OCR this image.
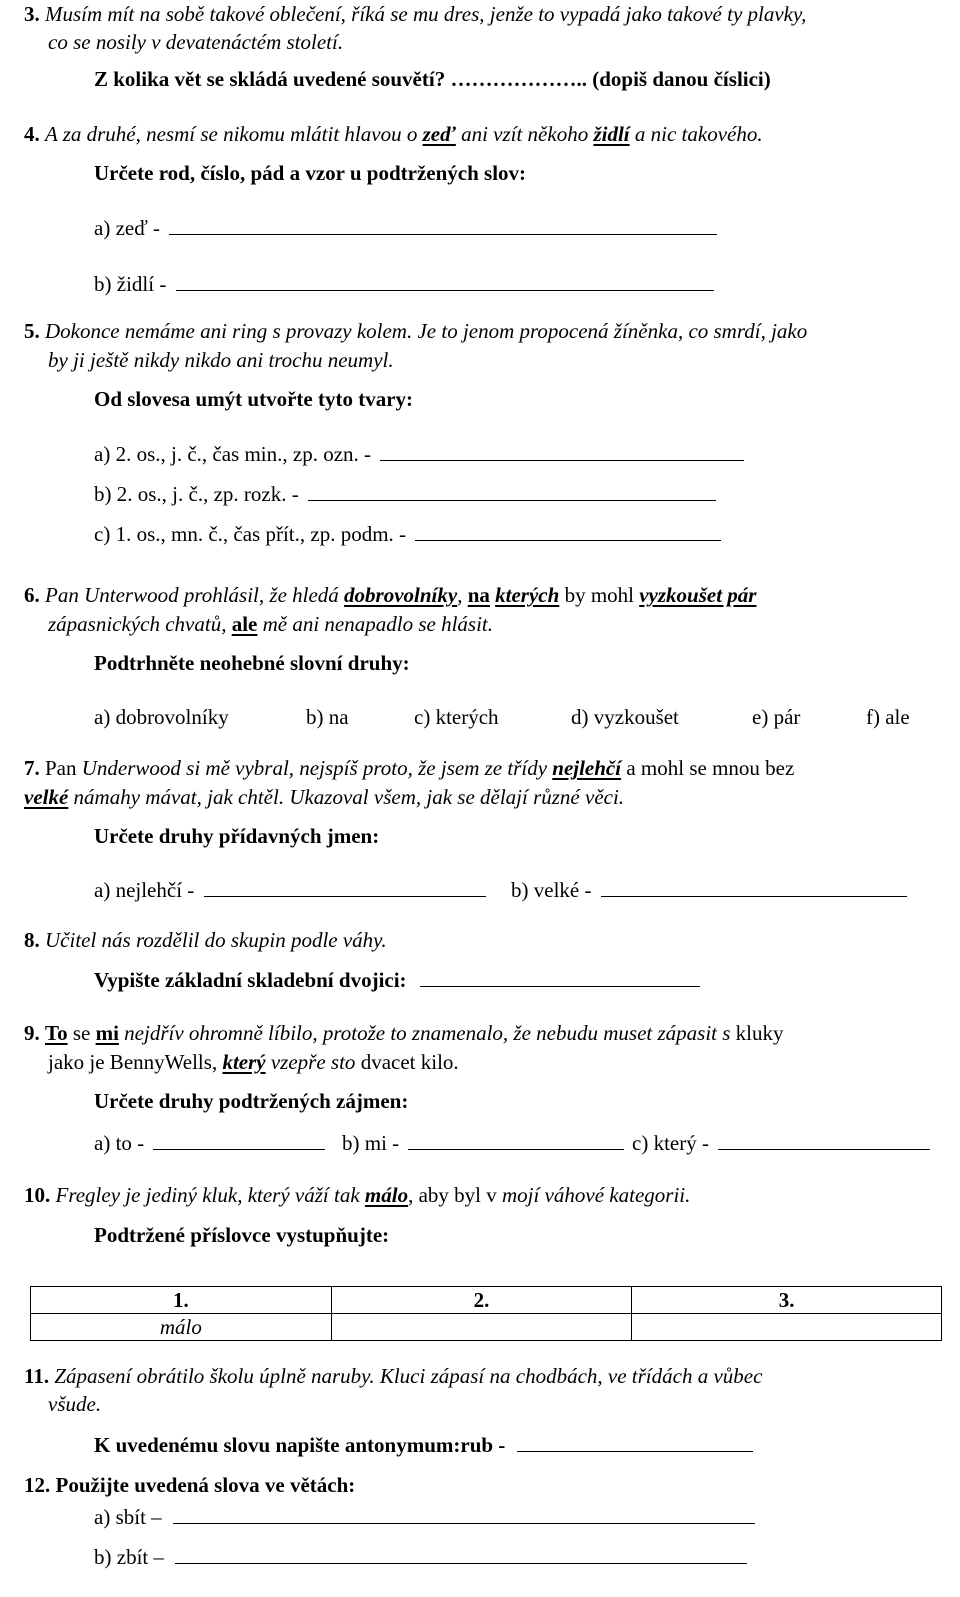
3. Musím mít na sobě takové oblečení, říká se mu dres, jenže to vypadá jako takové ty plavky,
co se nosily v devatenáctém století.
Z kolika vět se skládá uvedené souvětí? ……………….. (dopiš danou číslici)
4. A za druhé, nesmí se nikomu mlátit hlavou o zeď ani vzít někoho židlí a nic takového.
Určete rod, číslo, pád a vzor u podtržených slov:
a) zeď -
b) židlí -
5. Dokonce nemáme ani ring s provazy kolem. Je to jenom propocená žíněnka, co smrdí, jako
by ji ještě nikdy nikdo ani trochu neumyl.
Od slovesa umýt utvořte tyto tvary:
a) 2. os., j. č., čas min., zp. ozn. -
b) 2. os., j. č., zp. rozk. -
c) 1. os., mn. č., čas přít., zp. podm. -
6. Pan Unterwood prohlásil, že hledá dobrovolníky, na kterých by mohl vyzkoušet pár
zápasnických chvatů, ale mě ani nenapadlo se hlásit.
Podtrhněte neohebné slovní druhy:
a) dobrovolníky	b) na	c) kterých	d) vyzkoušet	e) pár	f) ale
7. Pan Underwood si mě vybral, nejspíš proto, že jsem ze třídy nejlehčí a mohl se mnou bez
velké námahy mávat, jak chtěl. Ukazoval všem, jak se dělají různé věci.
Určete druhy přídavných jmen:
a) nejlehčí -	b) velké -
8. Učitel nás rozdělil do skupin podle váhy.
Vypište základní skladební dvojici:
9. To se mi nejdřív ohromně líbilo, protože to znamenalo, že nebudu muset zápasit s kluky
jako je BennyWells, který vzepře sto dvacet kilo.
Určete druhy podtržených zájmen:
a) to -	b) mi -	c) který -
10. Fregley je jediný kluk, který váží tak málo, aby byl v mojí váhové kategorii.
Podtržené příslovce vystupňujte:
1.	2.	3.
málo		
11. Zápasení obrátilo školu úplně naruby. Kluci zápasí na chodbách, ve třídách a vůbec
všude.
K uvedenému slovu napište antonymum:rub -
12. Použijte uvedená slova ve větách:
a) sbít –
b) zbít –
